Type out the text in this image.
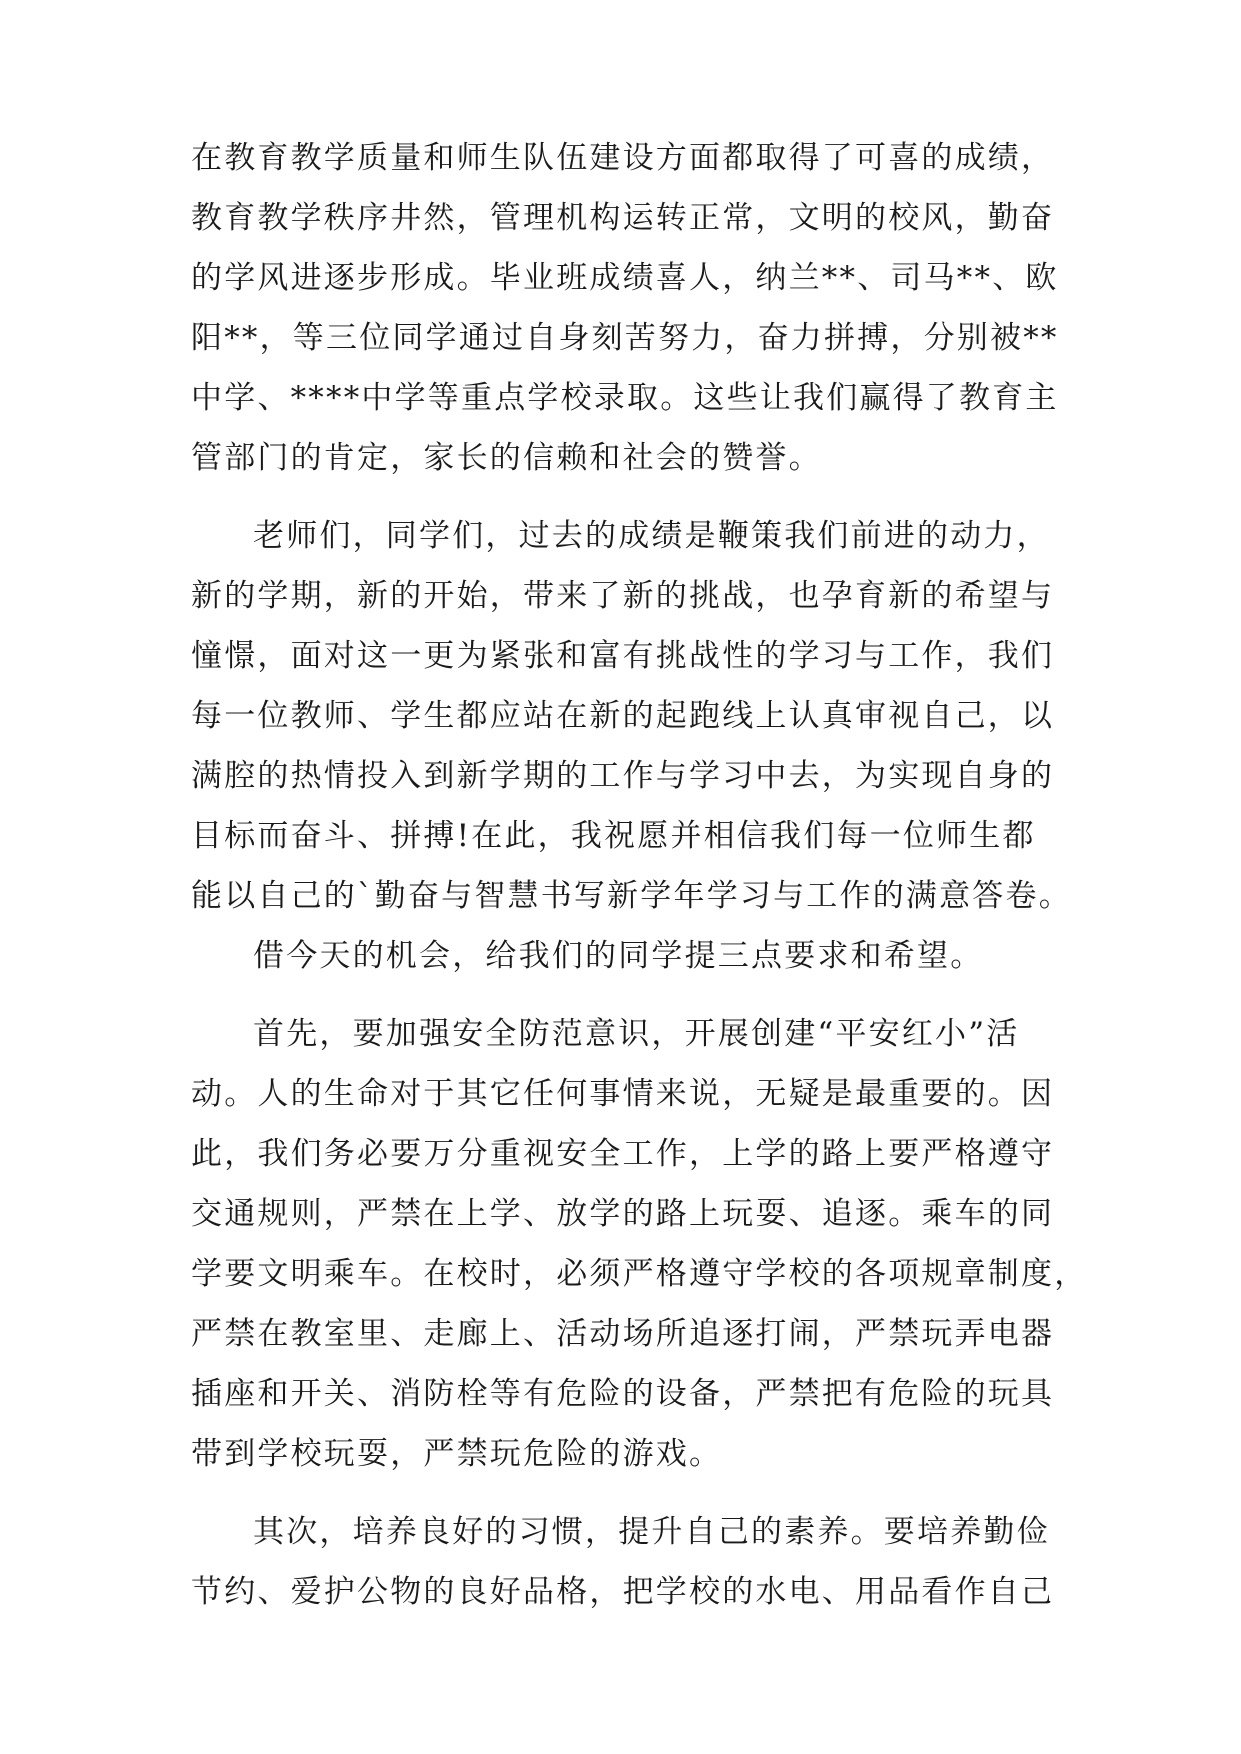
在教育教学质量和师生队伍建设方面都取得了可喜的成绩，
教育教学秩序井然，管理机构运转正常，文明的校风，勤奋
的学风进逐步形成。毕业班成绩喜人，纳兰**、司马**、欧
阳**，等三位同学通过自身刻苦努力，奋力拼搏，分别被**
中学、****中学等重点学校录取。这些让我们赢得了教育主
管部门的肯定，家长的信赖和社会的赞誉。
老师们，同学们，过去的成绩是鞭策我们前进的动力，
新的学期，新的开始，带来了新的挑战，也孕育新的希望与
憧憬，面对这一更为紧张和富有挑战性的学习与工作，我们
每一位教师、学生都应站在新的起跑线上认真审视自己，以
满腔的热情投入到新学期的工作与学习中去，为实现自身的
目标而奋斗、拼搏!在此，我祝愿并相信我们每一位师生都
能以自己的`勤奋与智慧书写新学年学习与工作的满意答卷。
借今天的机会，给我们的同学提三点要求和希望。
首先，要加强安全防范意识，开展创建“平安红小”活
动。人的生命对于其它任何事情来说，无疑是最重要的。因
此，我们务必要万分重视安全工作，上学的路上要严格遵守
交通规则，严禁在上学、放学的路上玩耍、追逐。乘车的同
学要文明乘车。在校时，必须严格遵守学校的各项规章制度，
严禁在教室里、走廊上、活动场所追逐打闹，严禁玩弄电器
插座和开关、消防栓等有危险的设备，严禁把有危险的玩具
带到学校玩耍，严禁玩危险的游戏。
其次，培养良好的习惯，提升自己的素养。要培养勤俭
节约、爱护公物的良好品格，把学校的水电、用品看作自己
